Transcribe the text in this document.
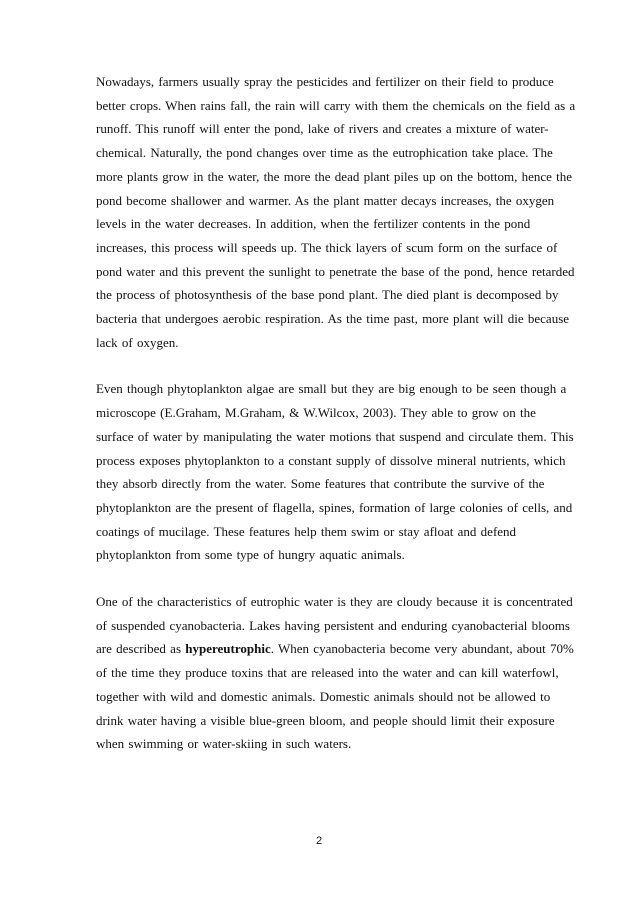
Nowadays, farmers usually spray the pesticides and fertilizer on their field to produce
better crops. When rains fall, the rain will carry with them the chemicals on the field as a
runoff. This runoff will enter the pond, lake of rivers and creates a mixture of water-
chemical. Naturally, the pond changes over time as the eutrophication take place. The
more plants grow in the water, the more the dead plant piles up on the bottom, hence the
pond become shallower and warmer. As the plant matter decays increases, the oxygen
levels in the water decreases. In addition, when the fertilizer contents in the pond
increases, this process will speeds up. The thick layers of scum form on the surface of
pond water and this prevent the sunlight to penetrate the base of the pond, hence retarded
the process of photosynthesis of the base pond plant. The died plant is decomposed by
bacteria that undergoes aerobic respiration. As the time past, more plant will die because
lack of oxygen.

Even though phytoplankton algae are small but they are big enough to be seen though a
microscope (E.Graham, M.Graham, & W.Wilcox, 2003). They able to grow on the
surface of water by manipulating the water motions that suspend and circulate them. This
process exposes phytoplankton to a constant supply of dissolve mineral nutrients, which
they absorb directly from the water. Some features that contribute the survive of the
phytoplankton are the present of flagella, spines, formation of large colonies of cells, and
coatings of mucilage. These features help them swim or stay afloat and defend
phytoplankton from some type of hungry aquatic animals.

One of the characteristics of eutrophic water is they are cloudy because it is concentrated
of suspended cyanobacteria. Lakes having persistent and enduring cyanobacterial blooms
are described as hypereutrophic. When cyanobacteria become very abundant, about 70%
of the time they produce toxins that are released into the water and can kill waterfowl,
together with wild and domestic animals. Domestic animals should not be allowed to
drink water having a visible blue-green bloom, and people should limit their exposure
when swimming or water-skiing in such waters.

2
